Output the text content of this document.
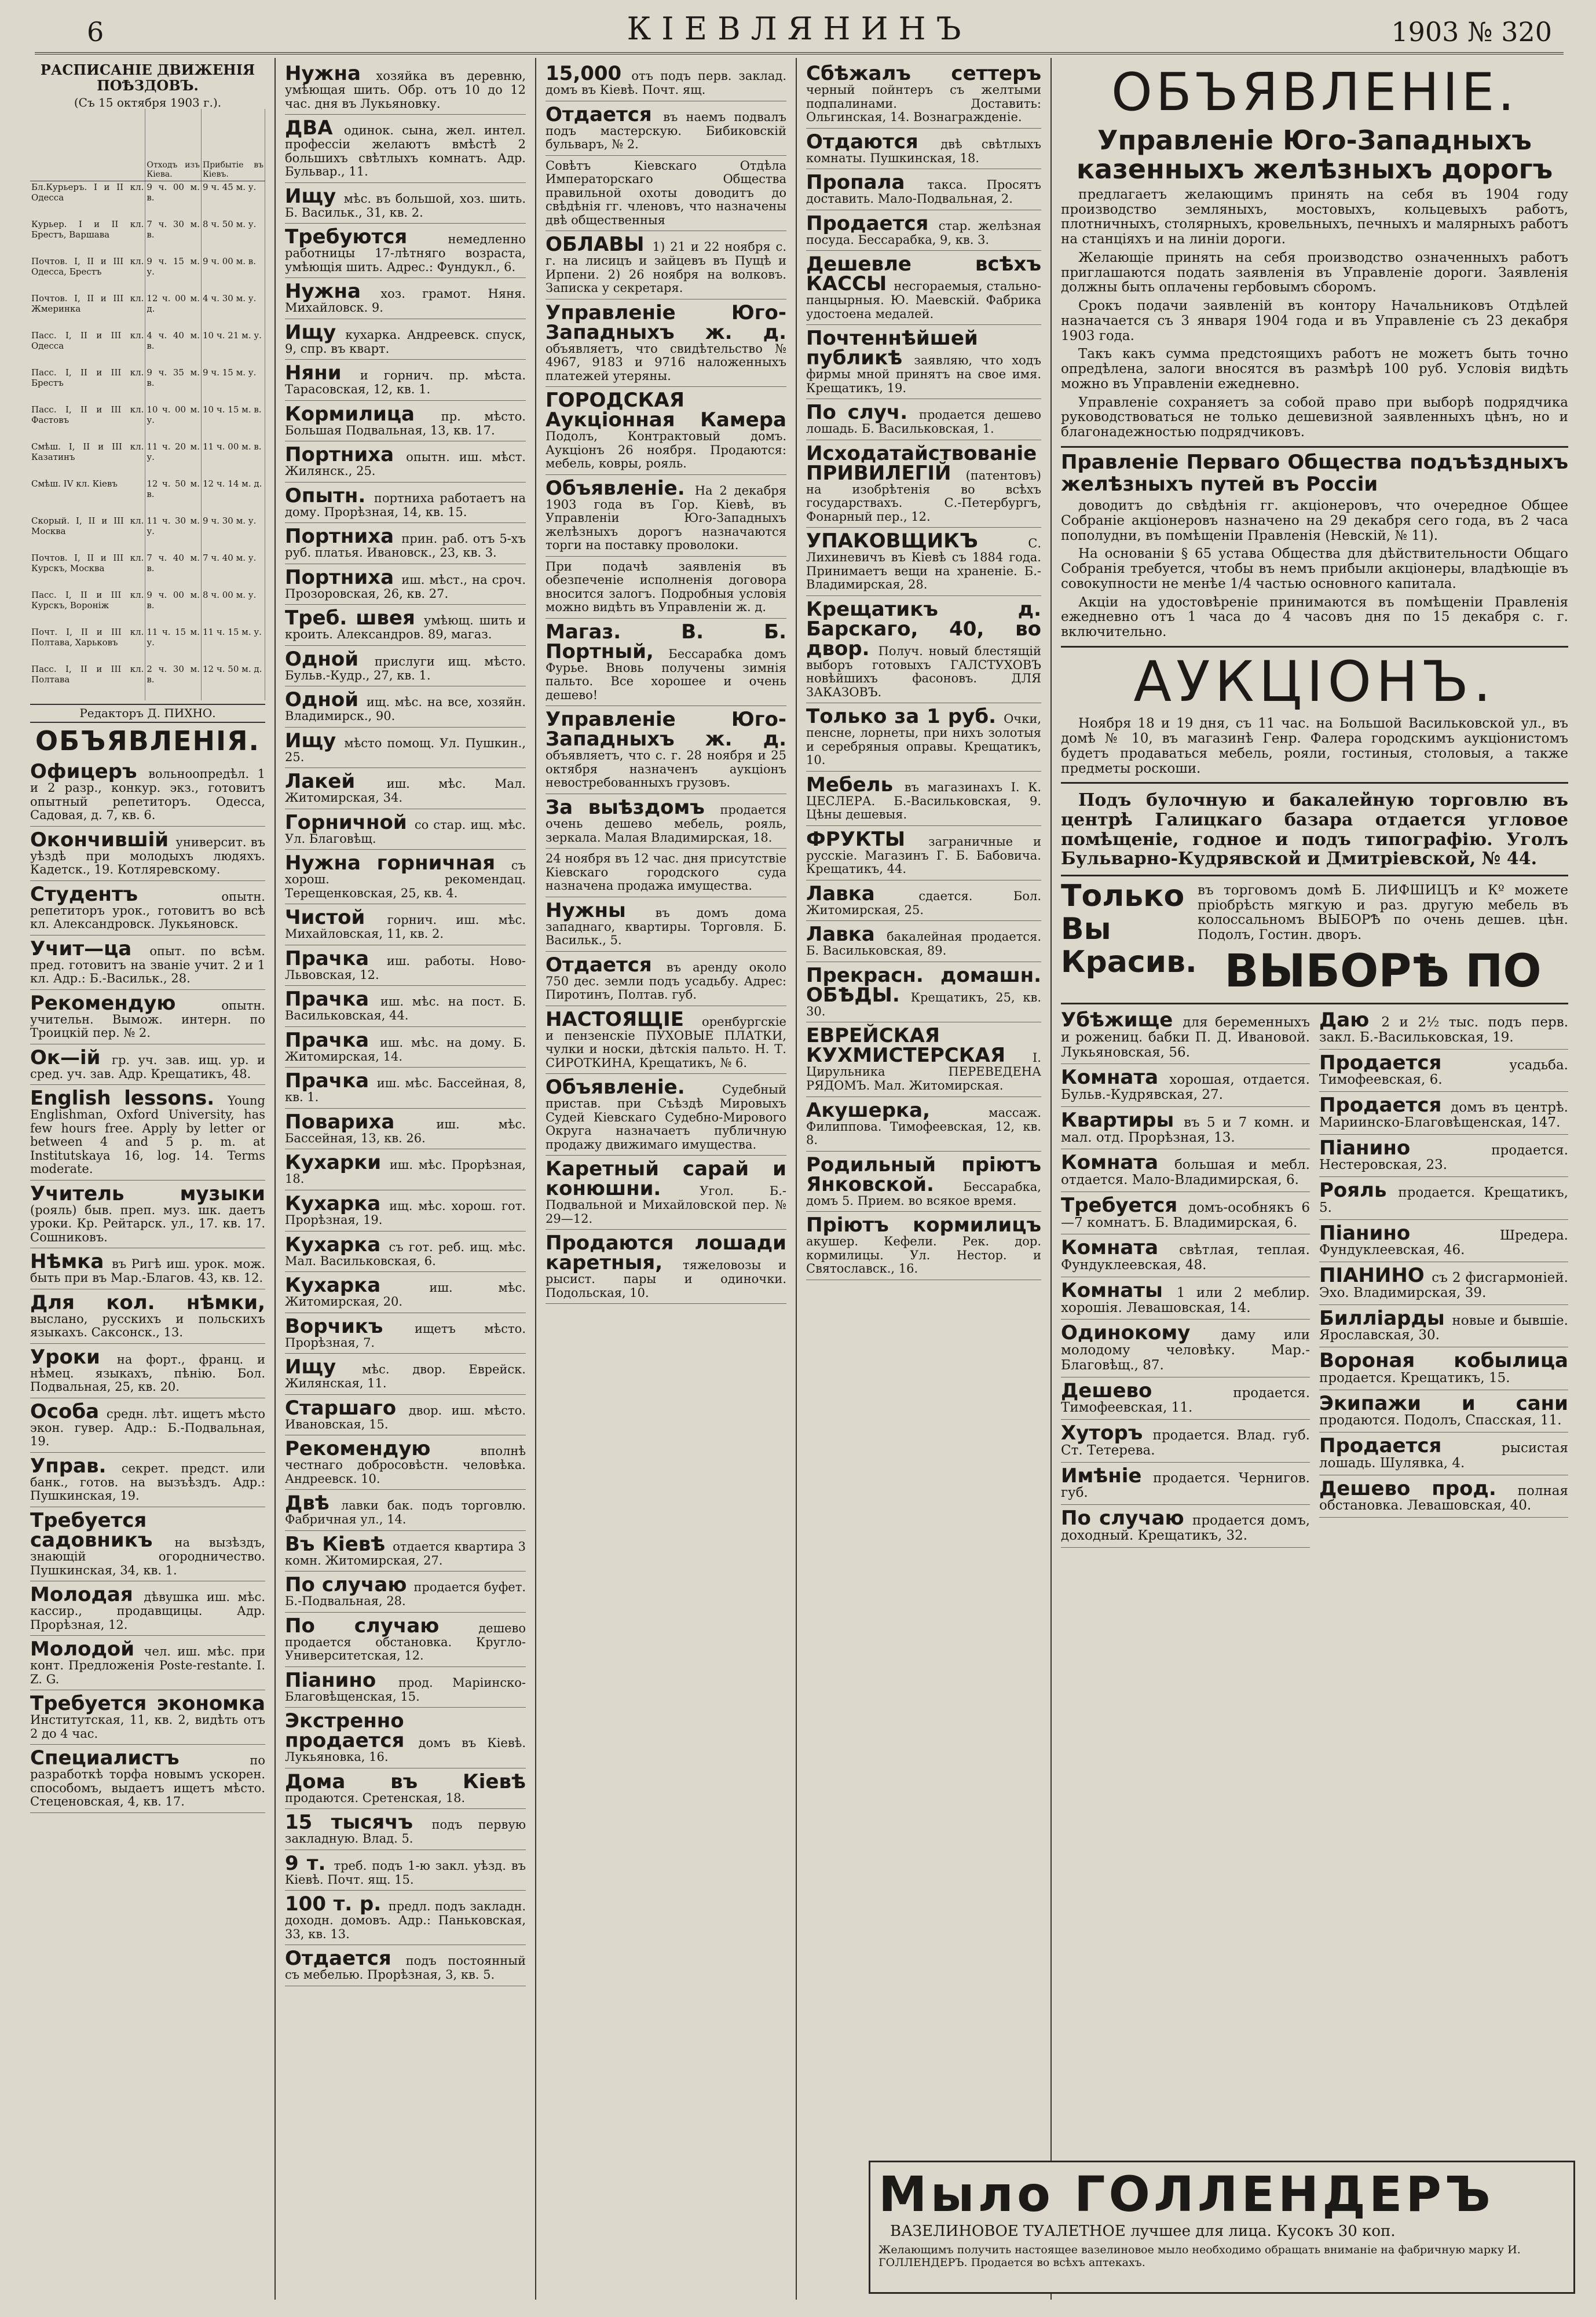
6	КІЕВЛЯНИНЪ	1903 № 320
РАСПИСАНІЕ ДВИЖЕНІЯ ПОѢЗДОВЪ.
(Съ 15 октября 1903 г.).
	Отходъ изъ Кіева.	Прибытіе въ Кіевъ.
Бл.Курьеръ. I и II кл. Одесса	9 ч. 00 м. в.	9 ч. 45 м. у.
Курьер. I и II кл. Брестъ, Варшава	7 ч. 30 м. в.	8 ч. 50 м. у.
Почтов. I, II и III кл. Одесса, Брестъ	9 ч. 15 м. у.	9 ч. 00 м. в.
Почтов. I, II и III кл. Жмеринка	12 ч. 00 м. д.	4 ч. 30 м. у.
Пасс. I, II и III кл. Одесса	4 ч. 40 м. в.	10 ч. 21 м. у.
Пасс. I, II и III кл. Брестъ	9 ч. 35 м. в.	9 ч. 15 м. у.
Пасс. I, II и III кл. Фастовъ	10 ч. 00 м. у.	10 ч. 15 м. в.
Смѣш. I, II и III кл. Казатинъ	11 ч. 20 м. у.	11 ч. 00 м. в.
Смѣш. IV кл. Кіевъ	12 ч. 50 м. в.	12 ч. 14 м. д.
Скорый. I, II и III кл. Москва	11 ч. 30 м. у.	9 ч. 30 м. у.
Почтов. I, II и III кл. Курскъ, Москва	7 ч. 40 м. в.	7 ч. 40 м. у.
Пасс. I, II и III кл. Курскъ, Вороніж	9 ч. 00 м. в.	8 ч. 00 м. у.
Почт. I, II и III кл. Полтава, Харьковъ	11 ч. 15 м. у.	11 ч. 15 м. у.
Пасс. I, II и III кл. Полтава	2 ч. 30 м. в.	12 ч. 50 м. д.
Редакторъ Д. ПИХНО.
ОБЪЯВЛЕНІЯ.
Офицеръ вольноопредѣл. 1 и 2 разр., конкур. экз., готовитъ опытный репетиторъ. Одесса, Садовая, д. 7, кв. 6.
Окончившій университ. въ уѣздѣ при молодыхъ людяхъ. Кадетск., 19. Котляревскому.
Студентъ опытн. репетиторъ урок., готовитъ во всѣ кл. Александровск. Лукьяновск.
Учит—ца опыт. по всѣм. пред. готовитъ на званіе учит. 2 и 1 кл. Адр.: Б.-Васильк., 28.
Рекомендую опытн. учительн. Вымож. интерн. по Троицкій пер. № 2.
Ок—ій гр. уч. зав. ищ. ур. и сред. уч. зав. Адр. Крещатикъ, 48.
English lessons. Young Englishman, Oxford University, has few hours free. Apply by letter or between 4 and 5 p. m. at Institutskaya 16, log. 14. Terms moderate.
Учитель музыки (рояль) быв. преп. муз. шк. даетъ уроки. Кр. Рейтарск. ул., 17. кв. 17. Сошниковъ.
Нѣмка въ Ригѣ иш. урок. мож. быть при въ Мар.-Благов. 43, кв. 12.
Для кол. нѣмки, выслано, русскихъ и польскихъ языкахъ. Саксонск., 13.
Уроки на форт., франц. и нѣмец. языкахъ, пѣнію. Бол. Подвальная, 25, кв. 20.
Особа средн. лѣт. ищетъ мѣсто экон. гувер. Адр.: Б.-Подвальная, 19.
Управ. секрет. предст. или банк., готов. на вызъѣздъ. Адр.: Пушкинская, 19.
Требуется садовникъ на вызѣздъ, знающій огородничество. Пушкинская, 34, кв. 1.
Молодая дѣвушка иш. мѣс. кассир., продавщицы. Адр. Прорѣзная, 12.
Молодой чел. иш. мѣс. при конт. Предложенія Poste-restante. I. Z. G.
Требуется экономка Институтская, 11, кв. 2, видѣть отъ 2 до 4 час.
Специалистъ по разработкѣ торфа новымъ ускорен. способомъ, выдаетъ ищетъ мѣсто. Стеценовская, 4, кв. 17.
Нужна хозяйка въ деревню, умѣющая шить. Обр. отъ 10 до 12 час. дня въ Лукьяновку.
ДВА одинок. сына, жел. интел. профессіи желаютъ вмѣстѣ 2 большихъ свѣтлыхъ комнатъ. Адр. Бульвар., 11.
Ищу мѣс. въ большой, хоз. шить. Б. Васильк., 31, кв. 2.
Требуются немедленно работницы 17-лѣтняго возраста, умѣющія шить. Адрес.: Фундукл., 6.
Нужна хоз. грамот. Няня. Михайловск. 9.
Ищу кухарка. Андреевск. спуск, 9, спр. въ кварт.
Няни и горнич. пр. мѣста. Тарасовская, 12, кв. 1.
Кормилица пр. мѣсто. Большая Подвальная, 13, кв. 17.
Портниха опытн. иш. мѣст. Жилянск., 25.
Опытн. портниха работаетъ на дому. Прорѣзная, 14, кв. 15.
Портниха прин. раб. отъ 5-хъ руб. платья. Ивановск., 23, кв. 3.
Портниха иш. мѣст., на сроч. Прозоровская, 26, кв. 27.
Треб. швея умѣющ. шить и кроить. Александров. 89, магаз.
Одной прислуги ищ. мѣсто. Бульв.-Кудр., 27, кв. 1.
Одной ищ. мѣс. на все, хозяйн. Владимирск., 90.
Ищу мѣсто помощ. Ул. Пушкин., 25.
Лакей иш. мѣс. Мал. Житомирская, 34.
Горничной со стар. ищ. мѣс. Ул. Благовѣщ.
Нужна горничная съ хорош. рекомендац. Терещенковская, 25, кв. 4.
Чистой горнич. иш. мѣс. Михайловская, 11, кв. 2.
Прачка иш. работы. Ново-Львовская, 12.
Прачка иш. мѣс. на пост. Б. Васильковская, 44.
Прачка иш. мѣс. на дому. Б. Житомирская, 14.
Прачка иш. мѣс. Бассейная, 8, кв. 1.
Повариха иш. мѣс. Бассейная, 13, кв. 26.
Кухарки иш. мѣс. Прорѣзная, 18.
Кухарка ищ. мѣс. хорош. гот. Прорѣзная, 19.
Кухарка съ гот. реб. ищ. мѣс. Мал. Васильковская, 6.
Кухарка иш. мѣс. Житомирская, 20.
Ворчикъ ищетъ мѣсто. Прорѣзная, 7.
Ищу мѣс. двор. Еврейск. Жилянская, 11.
Старшаго двор. иш. мѣсто. Ивановская, 15.
Рекомендую вполнѣ честнаго добросовѣстн. человѣка. Андреевск. 10.
Двѣ лавки бак. подъ торговлю. Фабричная ул., 14.
Въ Кіевѣ отдается квартира 3 комн. Житомирская, 27.
По случаю продается буфет. Б.-Подвальная, 28.
По случаю дешево продается обстановка. Кругло-Университетская, 12.
Піанино прод. Маріинско-Благовѣщенская, 15.
Экстренно продается домъ въ Кіевѣ. Лукьяновка, 16.
Дома въ Кіевѣ продаются. Сретенская, 18.
15 тысячъ подъ первую закладную. Влад. 5.
9 т. треб. подъ 1-ю закл. уѣзд. въ Кіевѣ. Почт. ящ. 15.
100 т. р. предл. подъ закладн. доходн. домовъ. Адр.: Паньковская, 33, кв. 13.
Отдается подъ постоянный съ мебелью. Прорѣзная, 3, кв. 5.
15,000 отъ подъ перв. заклад. домъ въ Кіевѣ. Почт. ящ.
Отдается въ наемъ подвалъ подъ мастерскую. Бибиковскій бульваръ, № 2.
Совѣтъ Кіевскаго Отдѣла Императорскаго Общества правильной охоты доводитъ до свѣдѣнія гг. членовъ, что назначены двѣ общественныя
ОБЛАВЫ 1) 21 и 22 ноября с. г. на лисицъ и зайцевъ въ Пущѣ и Ирпени. 2) 26 ноября на волковъ. Записка у секретаря.
Управленіе Юго-Западныхъ ж. д. объявляетъ, что свидѣтельство № 4967, 9183 и 9716 наложенныхъ платежей утеряны.
ГОРОДСКАЯ Аукціонная Камера Подолъ, Контрактовый домъ. Аукціонъ 26 ноября. Продаются: мебель, ковры, рояль.
Объявленіе. На 2 декабря 1903 года въ Гор. Кіевѣ, въ Управленіи Юго-Западныхъ желѣзныхъ дорогъ назначаются торги на поставку проволоки.
При подачѣ заявленія въ обезпеченіе исполненія договора вносится залогъ. Подробныя условія можно видѣть въ Управленіи ж. д.
Магаз. В. Б. Портный, Бессарабка домъ Фурье. Вновь получены зимнія пальто. Все хорошее и очень дешево!
Управленіе Юго-Западныхъ ж. д. объявляетъ, что с. г. 28 ноября и 25 октября назначенъ аукціонъ невостребованныхъ грузовъ.
За выѣздомъ продается очень дешево мебель, рояль, зеркала. Малая Владимирская, 18.
24 ноября въ 12 час. дня присутствіе Кіевскаго городского суда назначена продажа имущества.
Нужны въ домъ дома западнаго, квартиры. Торговля. Б. Васильк., 5.
Отдается въ аренду около 750 дес. земли подъ усадьбу. Адрес: Пиротинъ, Полтав. губ.
НАСТОЯЩІЕ оренбургскіе и пензенскіе ПУХОВЫЕ ПЛАТКИ, чулки и носки, дѣтскія пальто. Н. Т. СИРОТКИНА, Крещатикъ, № 6.
Объявленіе. Судебный пристав. при Съѣздѣ Мировыхъ Судей Кіевскаго Судебно-Мирового Округа назначаетъ публичную продажу движимаго имущества.
Каретный сарай и конюшни. Угол. Б.-Подвальной и Михайловской пер. № 29—12.
Продаются лошади каретныя, тяжеловозы и рысист. пары и одиночки. Подольская, 10.
Сбѣжалъ сеттеръ черный пойнтеръ съ желтыми подпалинами. Доставить: Ольгинская, 14. Вознагражденіе.
Отдаются двѣ свѣтлыхъ комнаты. Пушкинская, 18.
Пропала такса. Просятъ доставить. Мало-Подвальная, 2.
Продается стар. желѣзная посуда. Бессарабка, 9, кв. 3.
Дешевле всѣхъ КАССЫ несгораемыя, стально-панцырныя. Ю. Маевскій. Фабрика удостоена медалей.
Почтеннѣйшей публикѣ заявляю, что ходъ фирмы мной принятъ на свое имя. Крещатикъ, 19.
По случ. продается дешево лошадь. Б. Васильковская, 1.
Исходатайствованіе ПРИВИЛЕГІЙ (патентовъ) на изобрѣтенія во всѣхъ государствахъ. С.-Петербургъ, Фонарный пер., 12.
УПАКОВЩИКЪ С. Лихиневичъ въ Кіевѣ съ 1884 года. Принимаетъ вещи на храненіе. Б.-Владимирская, 28.
Крещатикъ д. Барскаго, 40, во двор. Получ. новый блестящій выборъ готовыхъ ГАЛСТУХОВЪ новѣйшихъ фасоновъ. ДЛЯ ЗАКАЗОВЪ.
Только за 1 руб. Очки, пенсне, лорнеты, при нихъ золотыя и серебряныя оправы. Крещатикъ, 10.
Мебель въ магазинахъ І. К. ЦЕСЛЕРА. Б.-Васильковская, 9. Цѣны дешевыя.
ФРУКТЫ заграничные и русскіе. Магазинъ Г. Б. Бабовича. Крещатикъ, 44.
Лавка сдается. Бол. Житомирская, 25.
Лавка бакалейная продается. Б. Васильковская, 89.
Прекрасн. домашн. ОБѢДЫ. Крещатикъ, 25, кв. 30.
ЕВРЕЙСКАЯ КУХМИСТЕРСКАЯ І. Цирульника ПЕРЕВЕДЕНА РЯДОМЪ. Мал. Житомирская.
Акушерка, массаж. Филиппова. Тимофеевская, 12, кв. 8.
Родильный пріютъ Янковской. Бессарабка, домъ 5. Прием. во всякое время.
Пріютъ кормилицъ акушер. Кефели. Рек. дор. кормилицы. Ул. Нестор. и Святославск., 16.
ОБЪЯВЛЕНІЕ.
Управленіе Юго-Западныхъ казенныхъ желѣзныхъ дорогъ
предлагаетъ желающимъ принять на себя въ 1904 году производство земляныхъ, мостовыхъ, кольцевыхъ работъ, плотничныхъ, столярныхъ, кровельныхъ, печныхъ и малярныхъ работъ на станціяхъ и на линіи дороги.
Желающіе принять на себя производство означенныхъ работъ приглашаются подать заявленія въ Управленіе дороги. Заявленія должны быть оплачены гербовымъ сборомъ.
Срокъ подачи заявленій въ контору Начальниковъ Отдѣлей назначается съ 3 января 1904 года и въ Управленіе съ 23 декабря 1903 года.
Такъ какъ сумма предстоящихъ работъ не можетъ быть точно опредѣлена, залоги вносятся въ размѣрѣ 100 руб. Условія видѣть можно въ Управленіи ежедневно.
Управленіе сохраняетъ за собой право при выборѣ подрядчика руководствоваться не только дешевизной заявленныхъ цѣнъ, но и благонадежностью подрядчиковъ.
Правленіе Перваго Общества подъѣздныхъ желѣзныхъ путей въ Россіи
доводитъ до свѣдѣнія гг. акціонеровъ, что очередное Общее Собраніе акціонеровъ назначено на 29 декабря сего года, въ 2 часа пополудни, въ помѣщеніи Правленія (Невскій, № 11).
На основаніи § 65 устава Общества для дѣйствительности Общаго Собранія требуется, чтобы въ немъ прибыли акціонеры, владѣющіе въ совокупности не менѣе 1/4 частью основного капитала.
Акціи на удостовѣреніе принимаются въ помѣщеніи Правленія ежедневно отъ 1 часа до 4 часовъ дня по 15 декабря с. г. включительно.
АУКЦІОНЪ.
Ноября 18 и 19 дня, съ 11 час. на Большой Васильковской ул., въ домѣ № 10, въ магазинѣ Генр. Фалера городскимъ аукціонистомъ будетъ продаваться мебель, рояли, гостиныя, столовыя, а также предметы роскоши.
Подъ булочную и бакалейную торговлю въ центрѣ Галицкаго базара отдается угловое помѣщеніе, годное и подъ типографію. Уголъ Бульварно-Кудрявской и Дмитріевской, № 44.
Только Вы Красив.
въ торговомъ домѣ Б. ЛИФШИЦЪ и Кº можете пріобрѣсть мягкую и раз. другую мебель въ колоссальномъ ВЫБОРѢ по очень дешев. цѣн. Подолъ, Гостин. дворъ.
ВЫБОРѢ ПО
Убѣжище для беременныхъ и рожениц. бабки П. Д. Ивановой. Лукьяновская, 56.
Комната хорошая, отдается. Бульв.-Кудрявская, 27.
Квартиры въ 5 и 7 комн. и мал. отд. Прорѣзная, 13.
Комната большая и мебл. отдается. Мало-Владимирская, 6.
Требуется домъ-особнякъ 6—7 комнатъ. Б. Владимирская, 6.
Комната свѣтлая, теплая. Фундуклеевская, 48.
Комнаты 1 или 2 меблир. хорошія. Левашовская, 14.
Одинокому даму или молодому человѣку. Мар.-Благовѣщ., 87.
Дешево продается. Тимофеевская, 11.
Хуторъ продается. Влад. губ. Ст. Тетерева.
Имѣніе продается. Чернигов. губ.
По случаю продается домъ, доходный. Крещатикъ, 32.
Даю 2 и 2½ тыс. подъ перв. закл. Б.-Васильковская, 19.
Продается усадьба. Тимофеевская, 6.
Продается домъ въ центрѣ. Мариинско-Благовѣщенская, 147.
Піанино продается. Нестеровская, 23.
Рояль продается. Крещатикъ, 5.
Піанино Шредера. Фундуклеевская, 46.
ПІАНИНО съ 2 фисгармоніей. Эхо. Владимирская, 39.
Билліарды новые и бывшіе. Ярославская, 30.
Вороная кобылица продается. Крещатикъ, 15.
Экипажи и сани продаются. Подолъ, Спасская, 11.
Продается рысистая лошадь. Шулявка, 4.
Дешево прод. полная обстановка. Левашовская, 40.
Мыло ГОЛЛЕНДЕРЪ ВАЗЕЛИНОВОЕ ТУАЛЕТНОЕ лучшее для лица. Кусокъ 30 коп.
Желающимъ получить настоящее вазелиновое мыло необходимо обращать вниманіе на фабричную марку И. ГОЛЛЕНДЕРЪ. Продается во всѣхъ аптекахъ.
